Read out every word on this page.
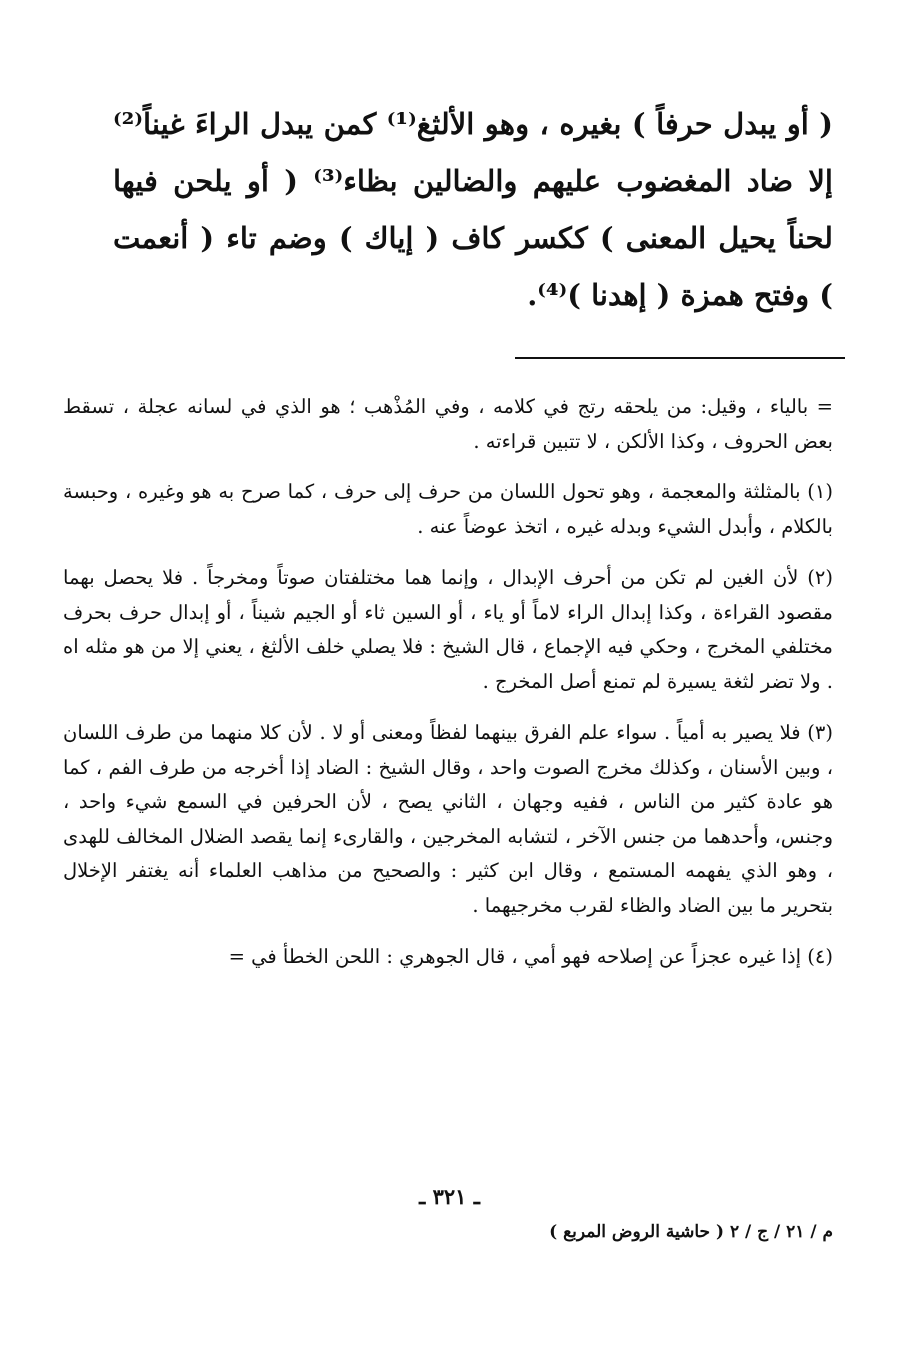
( أو يبدل حرفاً ) بغيره ، وهو الألثغ⁽¹⁾ كمن يبدل الراءَ غيناً⁽²⁾ إلا ضاد المغضوب عليهم والضالين بظاء⁽³⁾ ( أو يلحن فيها لحناً يحيل المعنى ) ككسر كاف ( إياك ) وضم تاء ( أنعمت ) وفتح همزة ( إهدنا )⁽⁴⁾.

= بالياء ، وقيل: من يلحقه رتج في كلامه ، وفي المُذْهب ؛ هو الذي في لسانه عجلة ، تسقط بعض الحروف ، وكذا الألكن ، لا تتبين قراءته .

(١) بالمثلثة والمعجمة ، وهو تحول اللسان من حرف إلى حرف ، كما صرح به هو وغيره ، وحبسة بالكلام ، وأبدل الشيء وبدله غيره ، اتخذ عوضاً عنه .

(٢) لأن الغين لم تكن من أحرف الإبدال ، وإنما هما مختلفتان صوتاً ومخرجاً . فلا يحصل بهما مقصود القراءة ، وكذا إبدال الراء لاماً أو ياء ، أو السين ثاء أو الجيم شيناً ، أو إبدال حرف بحرف مختلفي المخرج ، وحكي فيه الإجماع ، قال الشيخ : فلا يصلي خلف الألثغ ، يعني إلا من هو مثله اه . ولا تضر لثغة يسيرة لم تمنع أصل المخرج .

(٣) فلا يصير به أمياً . سواء علم الفرق بينهما لفظاً ومعنى أو لا . لأن كلا منهما من طرف اللسان ، وبين الأسنان ، وكذلك مخرج الصوت واحد ، وقال الشيخ : الضاد إذا أخرجه من طرف الفم ، كما هو عادة كثير من الناس ، ففيه وجهان ، الثاني يصح ، لأن الحرفين في السمع شيء واحد ، وجنس، وأحدهما من جنس الآخر ، لتشابه المخرجين ، والقارىء إنما يقصد الضلال المخالف للهدى ، وهو الذي يفهمه المستمع ، وقال ابن كثير : والصحيح من مذاهب العلماء أنه يغتفر الإخلال بتحرير ما بين الضاد والظاء لقرب مخرجيهما .

(٤) إذا غيره عجزاً عن إصلاحه فهو أمي ، قال الجوهري : اللحن الخطأ في =

ـ ٣٢١ ـ
م / ٢١ / ج / ٢ ( حاشية الروض المربع )
